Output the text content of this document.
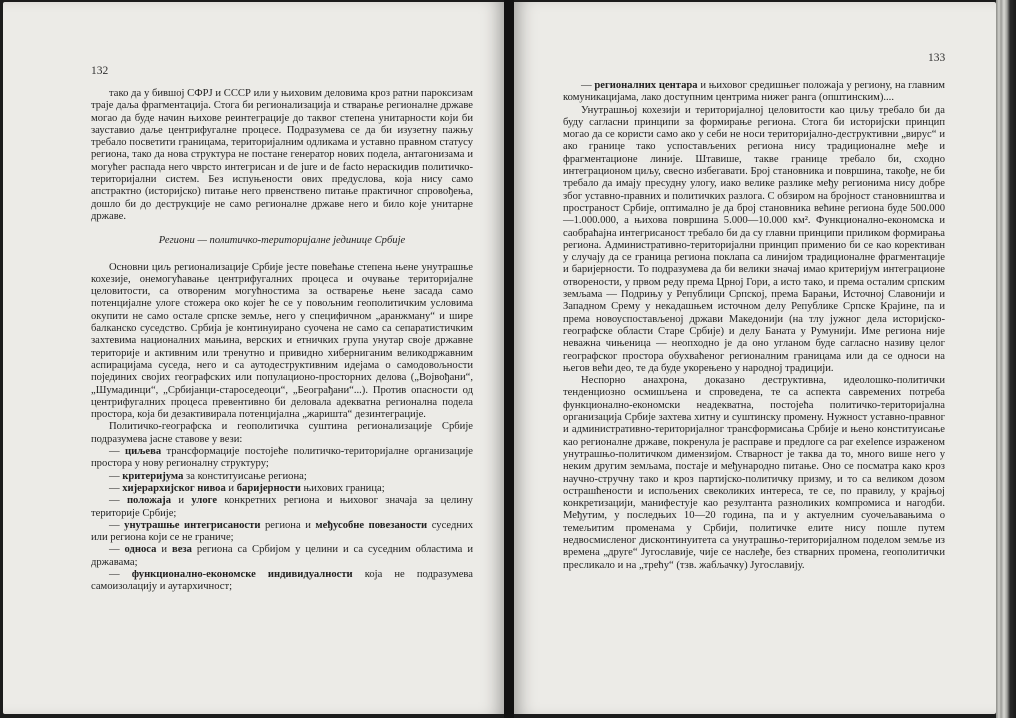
132

тако да у бившој СФРЈ и СССР или у њиховим деловима кроз ратни пароксизам траје даља фрагментација. Стога би регионализација и стварање регионалне државе могао да буде начин њихове реинтеграције до таквог степена унитарности који би зауставио даље центрифугалне процесе. Подразумева се да би изузетну пажњу требало посветити границама, територијалним одликама и уставно правном статусу региона, тако да нова структура не постане генератор нових подела, антагонизама и могућег распада него чврсто интегрисан и de jure и de facto нераскидив политичко-територијални систем. Без испуњености ових предуслова, која нису само апстрактно (историјско) питање него првенствено питање практичног спровођења, дошло би до деструкције не само регионалне државе него и било које унитарне државе.

Региони — политичко-територијалне јединице Србије

Основни циљ регионализације Србије јесте повећање степена њене унутрашње кохезије, онемогућавање центрифугалних процеса и очување територијалне целовитости, са отвореним могућностима за остварење њене засада само потенцијалне улоге стожера око којег ће се у повољним геополитичким условима окупити не само остале српске земље, него у специфичном „аранжману“ и шире балканско суседство. Србија је континуирано суочена не само са сепаратистичким захтевима националних мањина, верских и етничких група унутар своје државне територије и активним или тренутно и привидно хиберниганим великодржавним аспирацијама суседа, него и са аутодеструктивним идејама о самодовољности појединих својих географских или популационо-просторних делова („Војвођани“, „Шумадинци“, „Србијанци-староседеоци“, „Београђани“...). Против опасности од центрифугалних процеса превентивно би деловала адекватна регионална подела простора, која би дезактивирала потенцијална „жаришта“ дезинтеграције.

Политичко-географска и геополитичка суштина регионализације Србије подразумева јасне ставове у вези:

— циљева трансформације постојеће политичко-територијалне организације простора у нову регионалну структуру;

— критеријума за конституисање региона;

— хијерархијског нивоа и баријерности њихових граница;

— положаја и улоге конкретних региона и њиховог значаја за целину територије Србије;

— унутрашње интегрисаности региона и међусобне повезаности суседних или региона који се не граниче;

— односа и веза региона са Србијом у целини и са суседним областима и државама;

— функционално-економске индивидуалности која не подразумева самоизолацију и аутархичност;

133

— регионалних центара и њиховог средишњег положаја у региону, на главним комуникацијама, лако доступним центрима нижег ранга (општинским)....

Унутрашњој кохезији и територијалној целовитости као циљу требало би да буду сагласни принципи за формирање региона. Стога би историјски принцип могао да се користи само ако у себи не носи територијално-деструктивни „вирус“ и ако границе тако успостављених региона нису традиционалне међе и фрагментационе линије. Штавише, такве границе требало би, сходно интеграционом циљу, свесно избегавати. Број становника и површина, такође, не би требало да имају пресудну улогу, иако велике разлике међу регионима нису добре због уставно-правних и политичких разлога. С обзиром на бројност становништва и пространост Србије, оптимално је да број становника већине региона буде 500.000—1.000.000, а њихова површина 5.000—10.000 км². Функционално-економска и саобраћајна интегрисаност требало би да су главни принципи приликом формирања региона. Административно-територијални принцип применио би се као корективан у случају да се граница региона поклапа са линијом традиционалне фрагментације и баријерности. То подразумева да би велики значај имао критеријум интеграционе отворености, у првом реду према Црној Гори, а исто тако, и према осталим српским земљама — Подрињу у Републици Српској, према Барањи, Источној Славонији и Западном Срему у некадашњем источном делу Републике Српске Крајине, па и према новоуспостављеној држави Македонији (на тлу јужног дела историјско-географске области Старе Србије) и делу Баната у Румунији. Име региона није неважна чињеница — неопходно је да оно угланом буде сагласно називу целог географског простора обухваћеног регионалним границама или да се односи на његов већи део, те да буде укорењено у народној традицији.

Неспорно анахрона, доказано деструктивна, идеолошко-политички тенденциозно осмишљена и спроведена, те са аспекта савремених потреба функционално-економски неадекватна, постојећа политичко-територијална организација Србије захтева хитну и суштинску промену. Нужност уставно-правног и административно-територијалног трансформисања Србије и њено конституисање као регионалне државе, покренула је расправе и предлоге са par exelence израженом унутрашњо-политичком димензијом. Стварност је таква да то, много више него у неким другим земљама, постаје и међународно питање. Оно се посматра како кроз научно-стручну тако и кроз партијско-политичку призму, и то са великом дозом острашћености и испољених свеколиких интереса, те се, по правилу, у крајњој конкретизацији, манифестује као резултанта разноликих компромиса и нагодби. Међутим, у последњих 10—20 година, па и у актуелним суочељавањима о темељитим променама у Србији, политичке елите нису пошле путем недвосмисленог дисконтинуитета са унутрашњо-територијалном поделом земље из времена „друге“ Југославије, чије се наслеђе, без стварних промена, геополитички пресликало и на „трећу“ (тзв. жабљачку) Југославију.
